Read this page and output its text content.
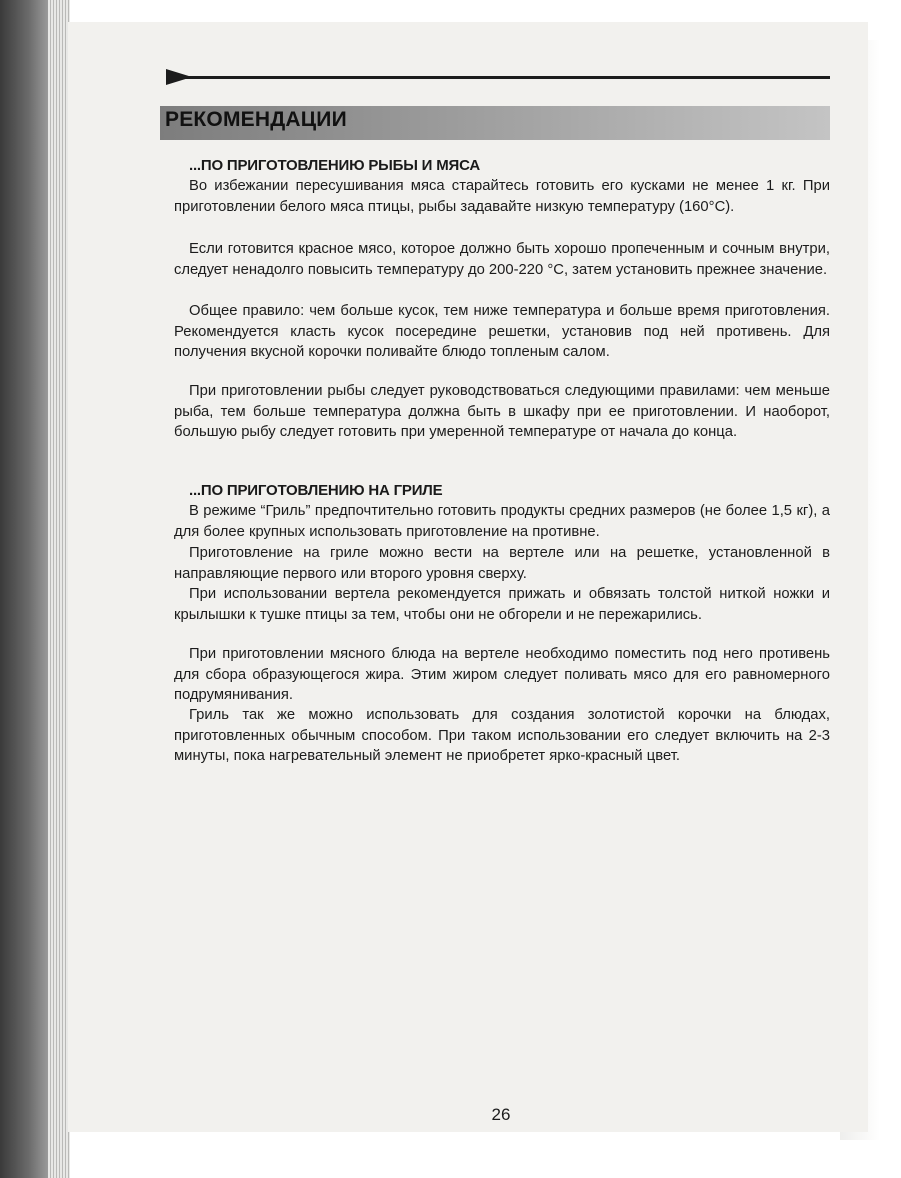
РЕКОМЕНДАЦИИ
...ПО ПРИГОТОВЛЕНИЮ РЫБЫ И МЯСА

Во избежании пересушивания мяса старайтесь готовить его кусками не менее 1 кг. При приготовлении белого мяса птицы, рыбы задавайте низкую температуру (160°С).

Если готовится красное мясо, которое должно быть хорошо пропеченным и сочным внутри, следует ненадолго повысить температуру до 200-220 °С, затем установить прежнее значение.

Общее правило: чем больше кусок, тем ниже температура и больше время приготовления. Рекомендуется класть кусок посередине решетки, установив под ней противень. Для получения вкусной корочки поливайте блюдо топленым салом.

При приготовлении рыбы следует руководствоваться следующими правилами: чем меньше рыба, тем больше температура должна быть в шкафу при ее приготовлении. И наоборот, большую рыбу следует готовить при умеренной температуре от начала до конца.

...ПО ПРИГОТОВЛЕНИЮ НА ГРИЛЕ

В режиме “Гриль” предпочтительно готовить продукты средних размеров (не более 1,5 кг), а для более крупных использовать приготовление на противне.

Приготовление на гриле можно вести на вертеле или на решетке, установленной в направляющие первого или второго уровня сверху.

При использовании вертела рекомендуется прижать и обвязать толстой ниткой ножки и крылышки к тушке птицы за тем, чтобы они не обгорели и не пережарились.

При приготовлении мясного блюда на вертеле необходимо поместить под него противень для сбора образующегося жира. Этим жиром следует поливать мясо для его равномерного подрумянивания.

Гриль так же можно использовать для создания золотистой корочки на блюдах, приготовленных обычным способом. При таком использовании его следует включить на 2-3 минуты, пока нагревательный элемент не приобретет ярко-красный цвет.

26
